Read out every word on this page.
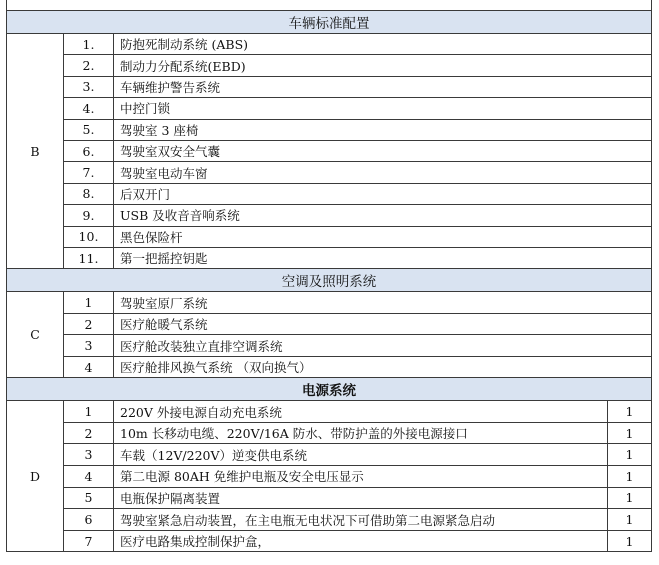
车辆标准配置			
B	1.	防抱死制动系统 (ABS)	
	2.	制动力分配系统(EBD)	
	3.	车辆维护警告系统	
	4.	中控门锁	
	5.	驾驶室 3 座椅	
	6.	驾驶室双安全气囊	
	7.	驾驶室电动车窗	
	8.	后双开门	
	9.	USB 及收音音响系统	
	10.	黑色保险杆	
	11.	第一把摇控钥匙	
空调及照明系统			
C	1	驾驶室原厂系统	
	2	医疗舱暖气系统	
	3	医疗舱改装独立直排空调系统	
	4	医疗舱排风换气系统 （双向换气）	
电源系统			
D	1	220V 外接电源自动充电系统	1
	2	10m 长移动电缆、220V/16A 防水、带防护盖的外接电源接口	1
	3	车载（12V/220V）逆变供电系统	1
	4	第二电源 80AH 免维护电瓶及安全电压显示	1
	5	电瓶保护隔离装置	1
	6	驾驶室紧急启动装置，在主电瓶无电状况下可借助第二电源紧急启动	1
	7	医疗电路集成控制保护盒，	1
